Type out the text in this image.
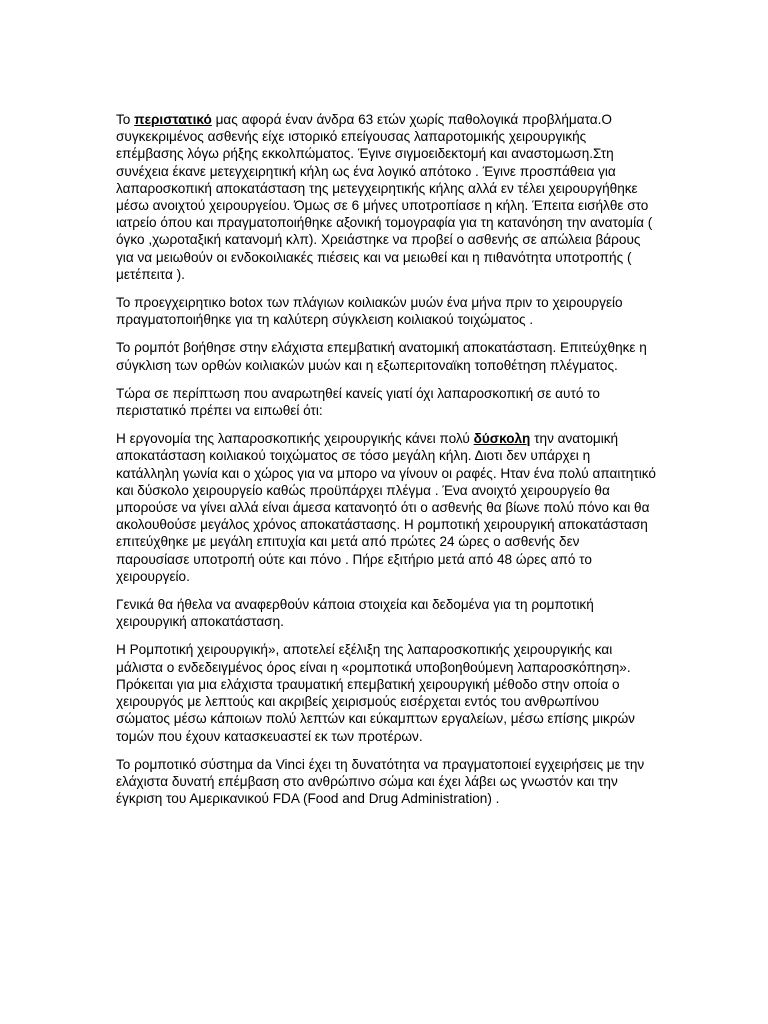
Το περιστατικό μας αφορά έναν άνδρα 63 ετών χωρίς παθολογικά προβλήματα.Ο συγκεκριμένος ασθενής είχε ιστορικό επείγουσας λαπαροτομικής χειρουργικής επέμβασης λόγω ρήξης εκκολπώματος. Έγινε σιγμοειδεκτομή και αναστομωση.Στη συνέχεια έκανε μετεγχειρητική κήλη ως ένα λογικό απότοκο . Έγινε προσπάθεια για λαπαροσκοπική αποκατάσταση της μετεγχειρητικής κήλης αλλά εν τέλει χειρουργήθηκε μέσω ανοιχτού χειρουργείου. Όμως σε 6 μήνες υποτροπίασε η κήλη. Έπειτα εισήλθε στο ιατρείο όπου και πραγματοποιήθηκε αξονική τομογραφία για τη κατανόηση την ανατομία ( όγκο ,χωροταξική κατανομή κλπ). Χρειάστηκε να προβεί ο ασθενής σε απώλεια βάρους για να μειωθούν οι ενδοκοιλιακές πιέσεις και να μειωθεί και η πιθανότητα υποτροπής ( μετέπειτα ).

Το προεγχειρητικο botox των πλάγιων κοιλιακών μυών ένα μήνα πριν το χειρουργείο πραγματοποιήθηκε για τη καλύτερη σύγκλειση κοιλιακού τοιχώματος .

Το ρομπότ βοήθησε στην ελάχιστα επεμβατική ανατομική αποκατάσταση. Επιτεύχθηκε η σύγκλιση των ορθών κοιλιακών μυών και η εξωπεριτοναϊκη τοποθέτηση πλέγματος.

Τώρα σε περίπτωση που αναρωτηθεί κανείς γιατί όχι λαπαροσκοπική σε αυτό το περιστατικό πρέπει να ειπωθεί ότι:

Η εργονομία της λαπαροσκοπικής χειρουργικής κάνει πολύ δύσκολη την ανατομική αποκατάσταση κοιλιακού τοιχώματος σε τόσο μεγάλη κήλη. Διοτι δεν υπάρχει η κατάλληλη γωνία και ο χώρος για να μπορο να γίνουν οι ραφές. Ηταν ένα πολύ απαιτητικό και δύσκολο χειρουργείο καθώς προϋπάρχει πλέγμα . Ένα ανοιχτό χειρουργείο θα μπορούσε να γίνει αλλά είναι άμεσα κατανοητό ότι ο ασθενής θα βίωνε πολύ πόνο και θα ακολουθούσε μεγάλος χρόνος αποκατάστασης. Η ρομποτική χειρουργική αποκατάσταση επιτεύχθηκε με μεγάλη επιτυχία και μετά από πρώτες 24 ώρες ο ασθενής δεν παρουσίασε υποτροπή ούτε και πόνο . Πήρε εξιτήριο μετά από 48 ώρες από το χειρουργείο.

Γενικά θα ήθελα να αναφερθούν κάποια στοιχεία και δεδομένα για τη ρομποτική χειρουργική αποκατάσταση.

Η Ρομποτική χειρουργική», αποτελεί εξέλιξη της λαπαροσκοπικής χειρουργικής και μάλιστα ο ενδεδειγμένος όρος είναι η «ρομποτικά υποβοηθούμενη λαπαροσκόπηση». Πρόκειται για μια ελάχιστα τραυματική επεμβατική χειρουργική μέθοδο στην οποία ο χειρουργός με λεπτούς και ακριβείς χειρισμούς εισέρχεται εντός του ανθρωπίνου σώματος μέσω κάποιων πολύ λεπτών και εύκαμπτων εργαλείων, μέσω επίσης μικρών τομών που έχουν κατασκευαστεί εκ των προτέρων.

Το ρομποτικό σύστημα da Vinci έχει τη δυνατότητα να πραγματοποιεί εγχειρήσεις με την ελάχιστα δυνατή επέμβαση στο ανθρώπινο σώμα και έχει λάβει ως γνωστόν και την έγκριση του Αμερικανικού FDA (Food and Drug Administration) .
